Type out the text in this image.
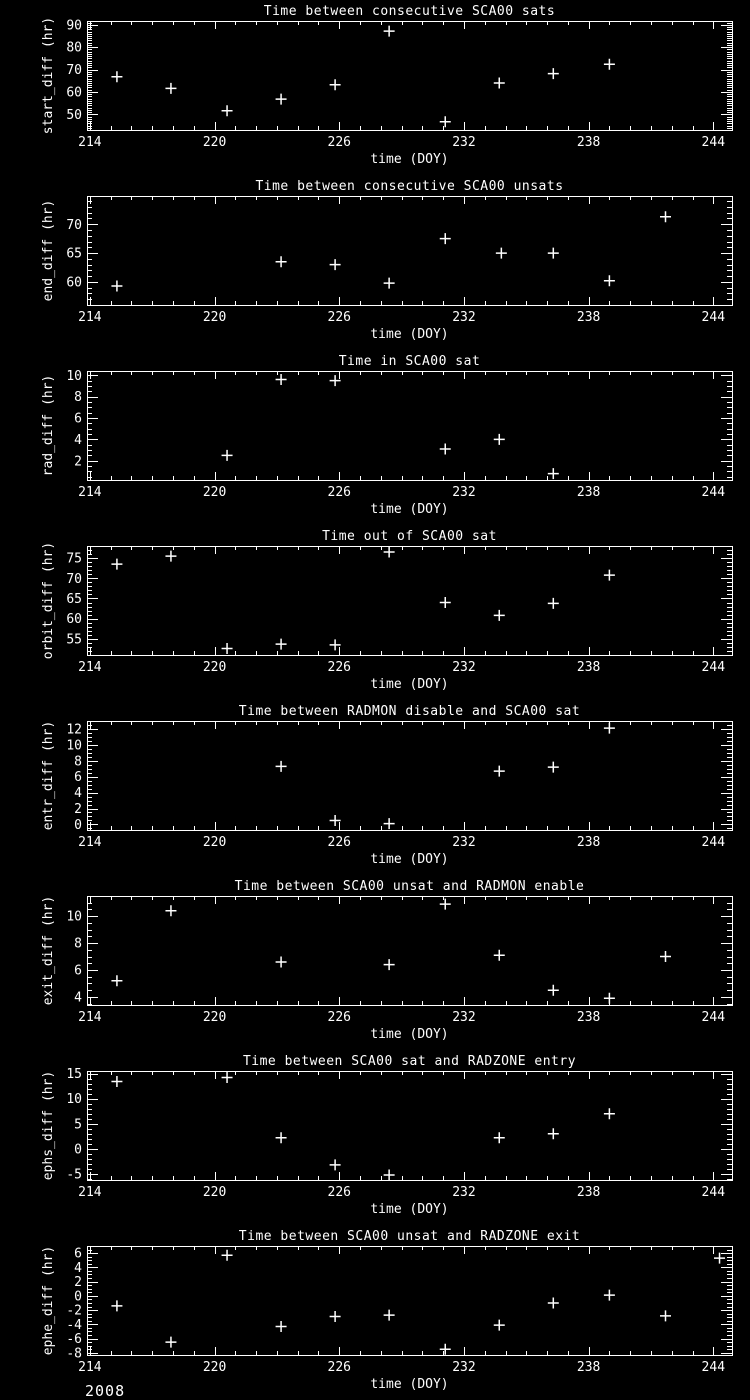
50
60
70
80
90
214	220	226	232	238	244
Time between consecutive SCA00 sats
time (DOY)
start_diff (hr)
60
65
70
214	220	226	232	238	244
Time between consecutive SCA00 unsats
time (DOY)
end_diff (hr)
2
4
6
8
10
214	220	226	232	238	244
Time in SCA00 sat
time (DOY)
rad_diff (hr)
55
60
65
70
75
214	220	226	232	238	244
Time out of SCA00 sat
time (DOY)
orbit_diff (hr)
0
2
4
6
8
10
12
214	220	226	232	238	244
Time between RADMON disable and SCA00 sat
time (DOY)
entr_diff (hr)
4
6
8
10
214	220	226	232	238	244
Time between SCA00 unsat and RADMON enable
time (DOY)
exit_diff (hr)
-5
0
5
10
15
214	220	226	232	238	244
Time between SCA00 sat and RADZONE entry
time (DOY)
ephs_diff (hr)
-8
-6
-4
-2
0
2
4
6
214	220	226	232	238	244
Time between SCA00 unsat and RADZONE exit
time (DOY)
ephe_diff (hr)
2008
